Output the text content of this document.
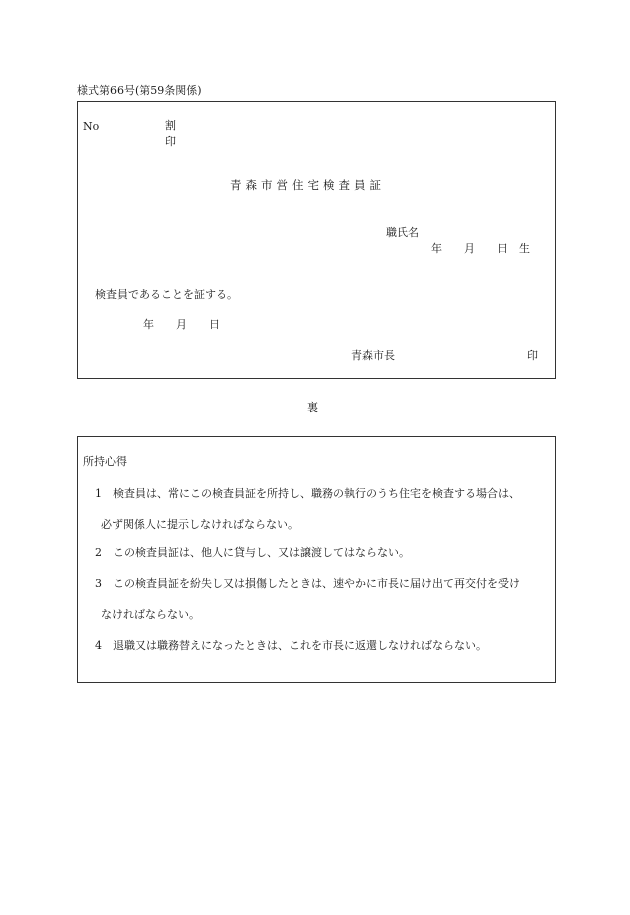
様式第66号(第59条関係)
No	割
印
青森市営住宅検査員証
職氏名
年　　月　　日　生
検査員であることを証する。
年　　月　　日
青森市長	印
裏
所持心得
1　検査員は、常にこの検査員証を所持し、職務の執行のうち住宅を検査する場合は、
必ず関係人に提示しなければならない。
2　この検査員証は、他人に貸与し、又は譲渡してはならない。
3　この検査員証を紛失し又は損傷したときは、速やかに市長に届け出て再交付を受け
なければならない。
4　退職又は職務替えになったときは、これを市長に返還しなければならない。
